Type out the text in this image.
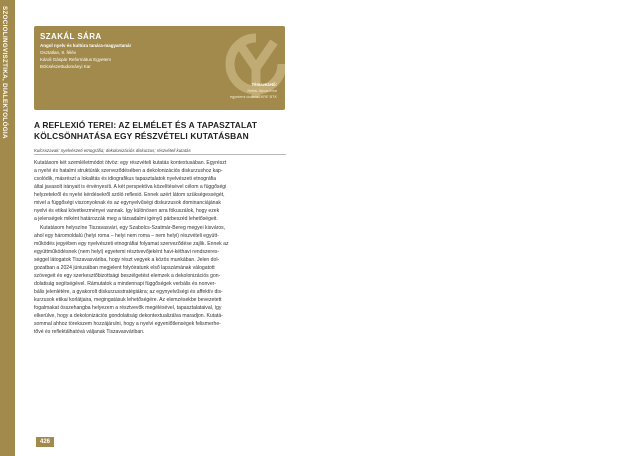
SZOCIOLINGVISZTIKA, DIALEKTOLÓGIA	SZAKÁL SÁRA
Angol nyelv és kultúra tanára-magyartanár
Osztatlan, 8. félév
Károli Gáspár Református Egyetem
Bölcsészettudományi Kar
Témavezető:
Heltai János Imre
egyetemi docens, KRE BTK
A REFLEXIÓ TEREI: AZ ELMÉLET ÉS A TAPASZTALAT
KÖLCSÖNHATÁSA EGY RÉSZVÉTELI KUTATÁSBAN
Kulcsszavak: nyelvészeti etnográfia; dekolonizációs diskurzus; részvételi kutatás
Kutatásom két szemléletmódot ötvöz: egy részvételi kutatás kontextusában. Egyrészt
a nyelvi és hatalmi struktúrák szerveződésében a dekolonizációs diskurzushoz kap-
csolódik, másrészt a lokalitás és idiografikus tapasztalatok nyelvészeti etnográfia
által javasolt irányait is érvényesíti. A két perspektíva közelítésével célom a függőségi
helyzetekről és nyelvi kérdésekről szóló reflexió. Ennek azért látom szükségességét,
mivel a függőségi viszonyoknak és az egynyelvűségi diskurzusok dominanciájának
nyelvi és etikai következményei vannak. Így különösen arra fókuszálok, hogy ezek
a jelenségek miként határozzák meg a társadalmi igényű párbeszéd lehetőségeit.
Kutatásom helyszíne Tiszavasvári, egy Szabolcs-Szatmár-Bereg megyei kisváros,
ahol egy háromoldalú (helyi roma – helyi nem roma – nem helyi) részvételi együtt-
működés jegyében egy nyelvészeti etnográfiai folyamat szerveződése zajlik. Ennek az
együttműködésnek (nem helyi) egyetemi résztvevőjeként havi-kéthavi rendszeres-
séggel látogatok Tiszavasváriba, hogy részt vegyek a közös munkában. Jelen dol-
gozatban a 2024 júniusában megjelent folyóiratunk első lapszámának válogatott
szövegeit és egy szerkesztőbizottsági beszélgetést elemzek a dekolonizációs gon-
dolatiság segítségével. Rámutatok a mindennapi függőségek verbális és nonver-
bális jelenlétére, a gyakorolt diskurzusstratégiákra; az egynyelvűségi és affektív dis-
kurzusok etikai korlátjaira, megingatásuk lehetőségére. Az elemzésekbe bevezetett
fogalmakat összehangba helyezem a résztvevők megélésével, tapasztalataival, így
elkerülve, hogy a dekolonizációs gondolatiság dekontextualizálva maradjon. Kutatá-
sommal ahhoz törekszem hozzájárulni, hogy a nyelvi egyenlőtlenségek felismerhe-
tővé és reflektálhatóvá váljanak Tiszavasváriban.
426
